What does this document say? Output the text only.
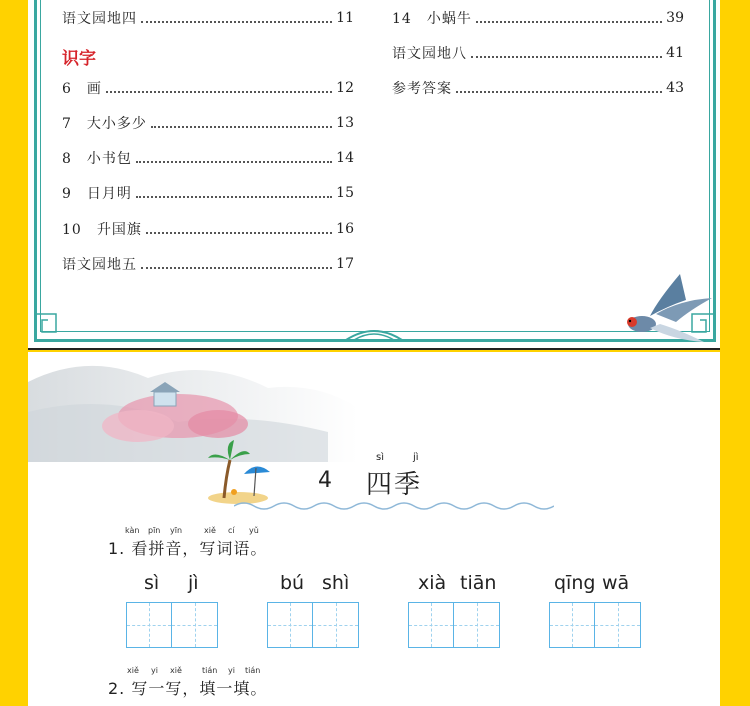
语文园地四	11
识字
6　画	12
7　大小多少	13
8　小书包	14
9　日月明	15
10　升国旗	16
语文园地五	17
14　小蜗牛	39
语文园地八	41
参考答案	43
sì	jì
4 四季
kàn pīn yīn	xiě cí yǔ
1. 看拼音，写词语。
sì jì	bú shì	xià tiān	qīng wā
xiě yi xiě	tián yi tián
2. 写一写，填一填。
